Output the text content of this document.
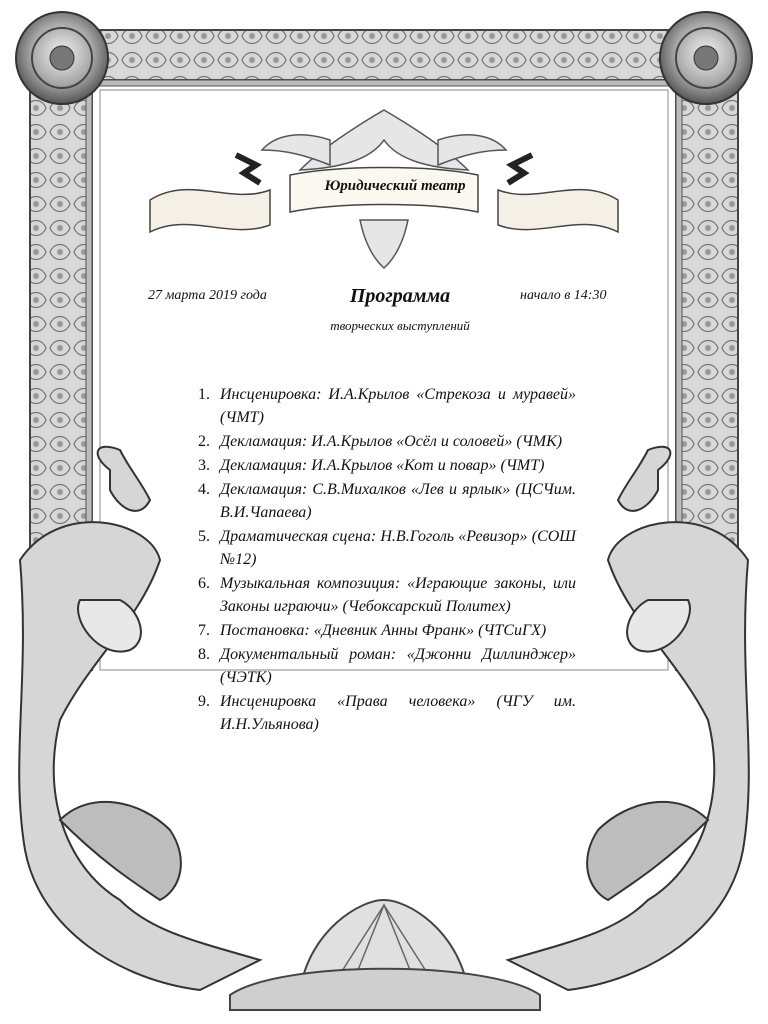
Юридический театр
27 марта 2019 года	начало в 14:30
Программа
творческих выступлений
1. Инсценировка: И.А.Крылов «Стрекоза и муравей» (ЧМТ)
2. Декламация: И.А.Крылов «Осёл и соловей» (ЧМК)
3. Декламация: И.А.Крылов «Кот и повар» (ЧМТ)
4. Декламация: С.В.Михалков «Лев и ярлык» (ЦСЧим. В.И.Чапаева)
5. Драматическая сцена: Н.В.Гоголь «Ревизор» (СОШ №12)
6. Музыкальная композиция: «Играющие законы, или Законы играючи» (Чебоксарский Политех)
7. Постановка: «Дневник Анны Франк» (ЧТСиГХ)
8. Документальный роман: «Джонни Диллинджер» (ЧЭТК)
9. Инсценировка «Права человека» (ЧГУ им. И.Н.Ульянова)
